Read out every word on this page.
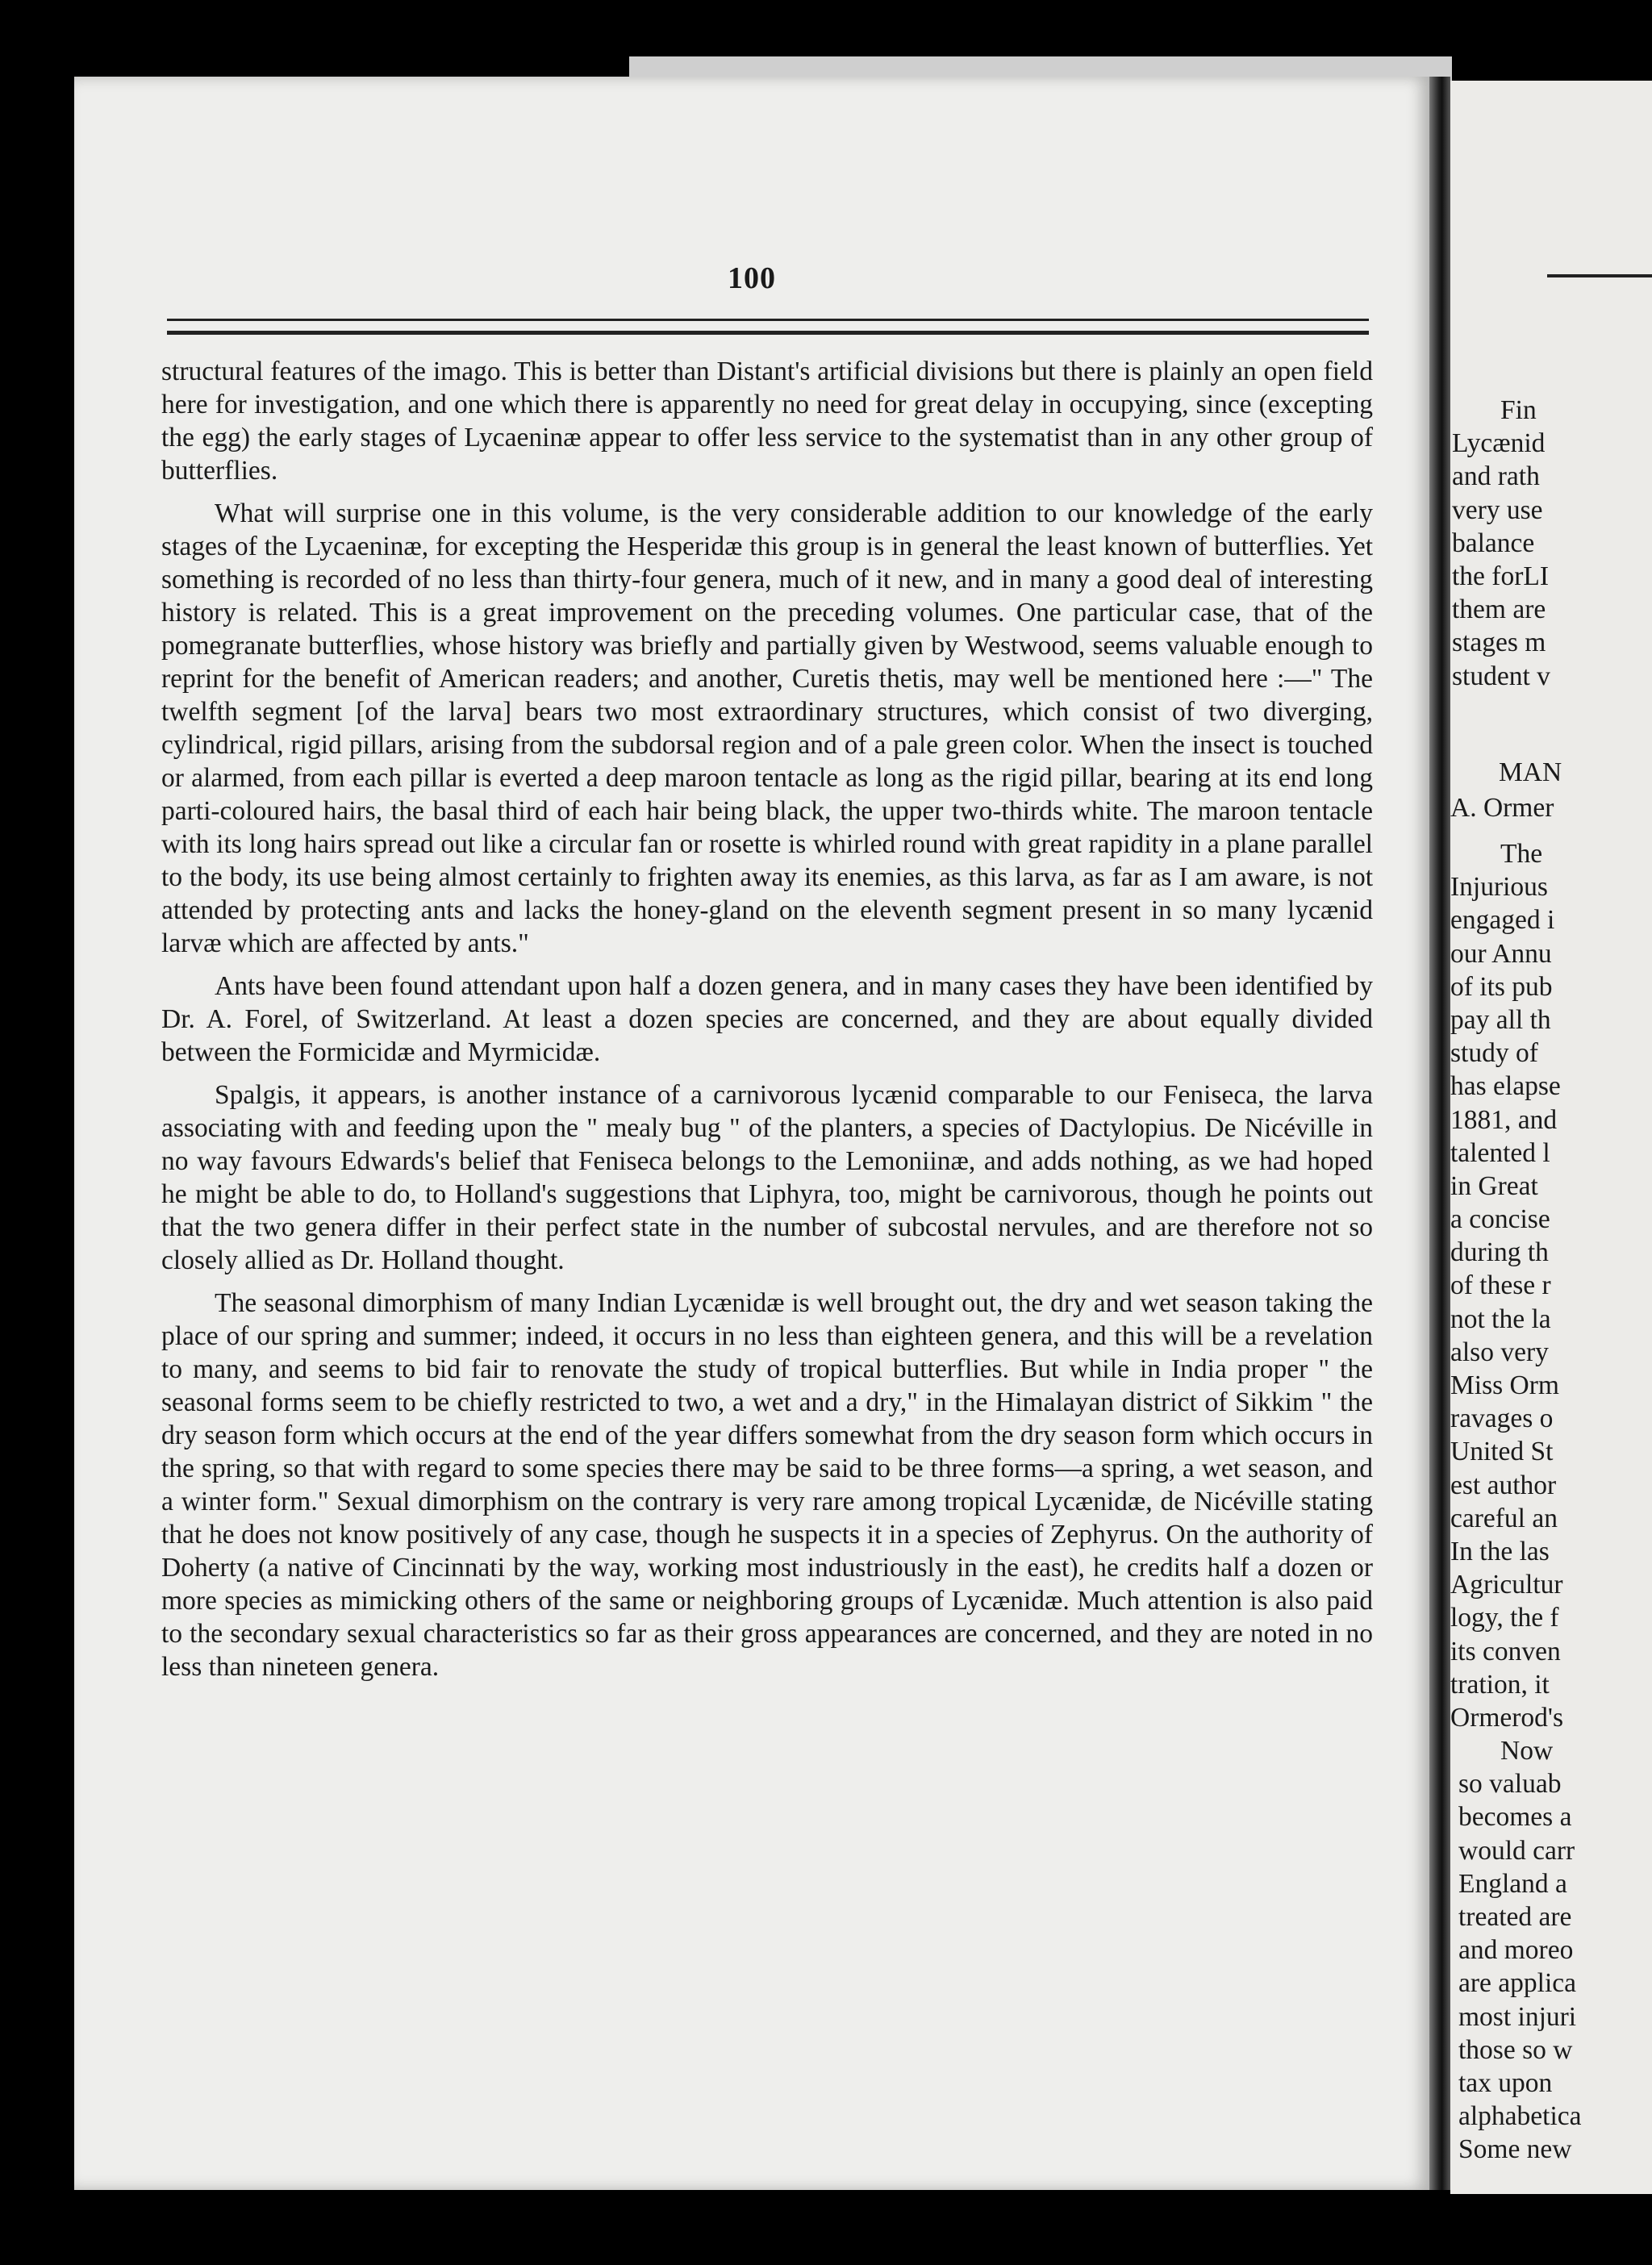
100

structural features of the imago. This is better than Distant's artificial divisions but there is plainly an open field here for investigation, and one which there is apparently no need for great delay in occupying, since (excepting the egg) the early stages of Lycaeninæ appear to offer less service to the systematist than in any other group of butterflies.

What will surprise one in this volume, is the very considerable addition to our knowledge of the early stages of the Lycaeninæ, for excepting the Hesperidæ this group is in general the least known of butterflies. Yet something is recorded of no less than thirty-four genera, much of it new, and in many a good deal of interesting history is related. This is a great improvement on the preceding volumes. One particular case, that of the pomegranate butterflies, whose history was briefly and partially given by Westwood, seems valuable enough to reprint for the benefit of American readers; and another, Curetis thetis, may well be mentioned here :—" The twelfth segment [of the larva] bears two most extraordinary structures, which consist of two diverging, cylindrical, rigid pillars, arising from the subdorsal region and of a pale green color. When the insect is touched or alarmed, from each pillar is everted a deep maroon tentacle as long as the rigid pillar, bearing at its end long parti-coloured hairs, the basal third of each hair being black, the upper two-thirds white. The maroon tentacle with its long hairs spread out like a circular fan or rosette is whirled round with great rapidity in a plane parallel to the body, its use being almost certainly to frighten away its enemies, as this larva, as far as I am aware, is not attended by protecting ants and lacks the honey-gland on the eleventh segment present in so many lycænid larvæ which are affected by ants."

Ants have been found attendant upon half a dozen genera, and in many cases they have been identified by Dr. A. Forel, of Switzerland. At least a dozen species are concerned, and they are about equally divided between the Formicidæ and Myrmicidæ.

Spalgis, it appears, is another instance of a carnivorous lycænid comparable to our Feniseca, the larva associating with and feeding upon the " mealy bug " of the planters, a species of Dactylopius. De Nicéville in no way favours Edwards's belief that Feniseca belongs to the Lemoniinæ, and adds nothing, as we had hoped he might be able to do, to Holland's suggestions that Liphyra, too, might be carnivorous, though he points out that the two genera differ in their perfect state in the number of subcostal nervules, and are therefore not so closely allied as Dr. Holland thought.

The seasonal dimorphism of many Indian Lycænidæ is well brought out, the dry and wet season taking the place of our spring and summer; indeed, it occurs in no less than eighteen genera, and this will be a revelation to many, and seems to bid fair to renovate the study of tropical butterflies. But while in India proper " the seasonal forms seem to be chiefly restricted to two, a wet and a dry," in the Himalayan district of Sikkim " the dry season form which occurs at the end of the year differs somewhat from the dry season form which occurs in the spring, so that with regard to some species there may be said to be three forms—a spring, a wet season, and a winter form." Sexual dimorphism on the contrary is very rare among tropical Lycænidæ, de Nicéville stating that he does not know positively of any case, though he suspects it in a species of Zephyrus. On the authority of Doherty (a native of Cincinnati by the way, working most industriously in the east), he credits half a dozen or more species as mimicking others of the same or neighboring groups of Lycænidæ. Much attention is also paid to the secondary sexual characteristics so far as their gross appearances are concerned, and they are noted in no less than nineteen genera.

Fin
Lycænid
and rath
very use
balance
the forLI
them are
stages m
student v
MAN
A. Ormer
The
Injurious
engaged i
our Annu
of its pub
pay all th
study of
has elapse
1881, and
talented l
in Great
a concise
during th
of these r
not the la
also very
Miss Orm
ravages o
United St
est author
careful an
In the las
Agricultur
logy, the f
its conven
tration, it
Ormerod's
Now
so valuab
becomes a
would carr
England a
treated are
and moreo
are applica
most injuri
those so w
tax upon
alphabetica
Some new
